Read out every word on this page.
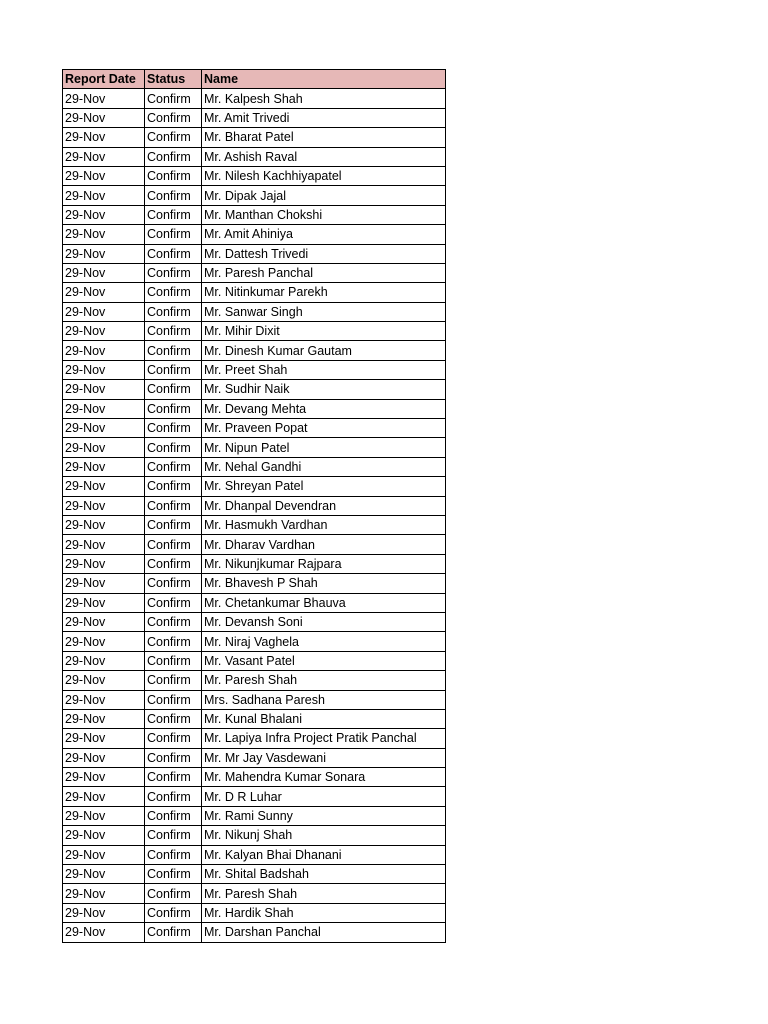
Report Date	Status	Name
29-Nov	Confirm	Mr. Kalpesh Shah
29-Nov	Confirm	Mr. Amit Trivedi
29-Nov	Confirm	Mr. Bharat Patel
29-Nov	Confirm	Mr. Ashish Raval
29-Nov	Confirm	Mr. Nilesh Kachhiyapatel
29-Nov	Confirm	Mr. Dipak Jajal
29-Nov	Confirm	Mr. Manthan Chokshi
29-Nov	Confirm	Mr. Amit Ahiniya
29-Nov	Confirm	Mr. Dattesh Trivedi
29-Nov	Confirm	Mr. Paresh Panchal
29-Nov	Confirm	Mr. Nitinkumar Parekh
29-Nov	Confirm	Mr. Sanwar Singh
29-Nov	Confirm	Mr. Mihir Dixit
29-Nov	Confirm	Mr. Dinesh Kumar Gautam
29-Nov	Confirm	Mr. Preet Shah
29-Nov	Confirm	Mr. Sudhir Naik
29-Nov	Confirm	Mr. Devang Mehta
29-Nov	Confirm	Mr. Praveen Popat
29-Nov	Confirm	Mr. Nipun Patel
29-Nov	Confirm	Mr. Nehal Gandhi
29-Nov	Confirm	Mr. Shreyan Patel
29-Nov	Confirm	Mr. Dhanpal Devendran
29-Nov	Confirm	Mr. Hasmukh Vardhan
29-Nov	Confirm	Mr. Dharav Vardhan
29-Nov	Confirm	Mr. Nikunjkumar Rajpara
29-Nov	Confirm	Mr. Bhavesh P Shah
29-Nov	Confirm	Mr. Chetankumar Bhauva
29-Nov	Confirm	Mr. Devansh Soni
29-Nov	Confirm	Mr. Niraj Vaghela
29-Nov	Confirm	Mr. Vasant Patel
29-Nov	Confirm	Mr. Paresh Shah
29-Nov	Confirm	Mrs. Sadhana Paresh
29-Nov	Confirm	Mr. Kunal Bhalani
29-Nov	Confirm	Mr. Lapiya Infra Project Pratik Panchal
29-Nov	Confirm	Mr. Mr Jay Vasdewani
29-Nov	Confirm	Mr. Mahendra Kumar Sonara
29-Nov	Confirm	Mr. D R Luhar
29-Nov	Confirm	Mr. Rami Sunny
29-Nov	Confirm	Mr. Nikunj Shah
29-Nov	Confirm	Mr. Kalyan Bhai Dhanani
29-Nov	Confirm	Mr. Shital Badshah
29-Nov	Confirm	Mr. Paresh Shah
29-Nov	Confirm	Mr. Hardik Shah
29-Nov	Confirm	Mr. Darshan Panchal
